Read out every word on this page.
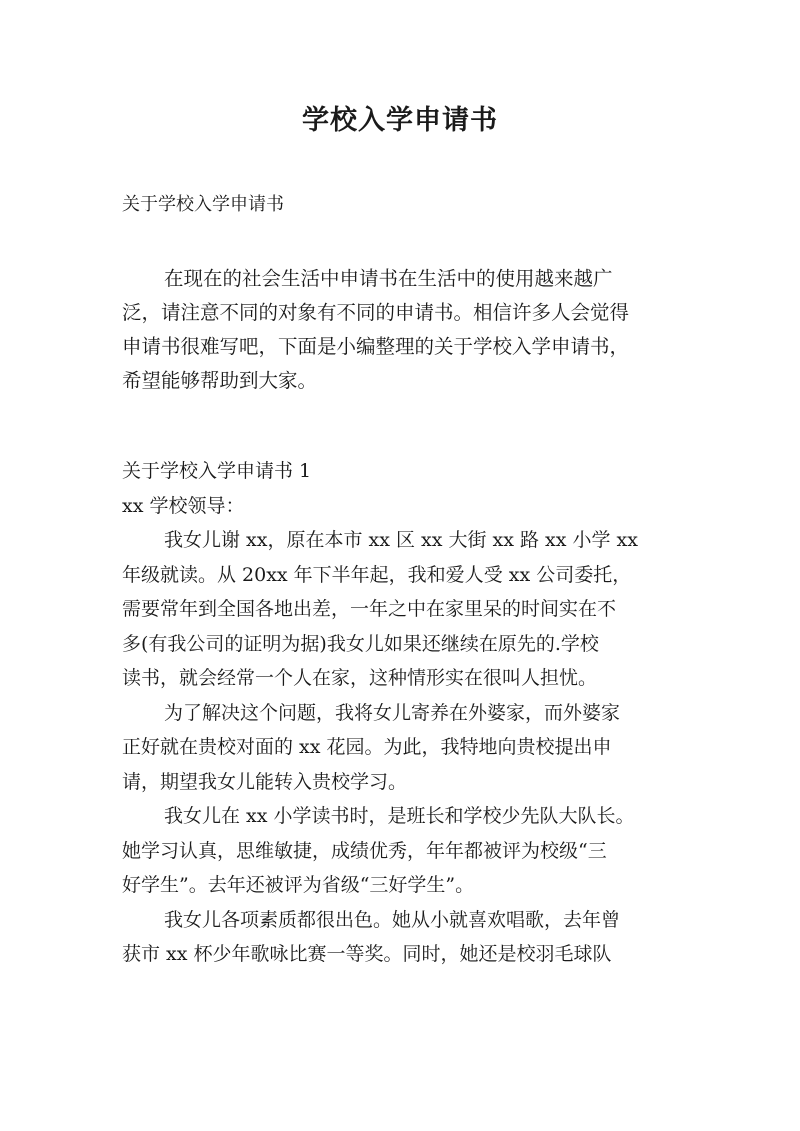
学校入学申请书

关于学校入学申请书

在现在的社会生活中申请书在生活中的使用越来越广
泛，请注意不同的对象有不同的申请书。相信许多人会觉得
申请书很难写吧，下面是小编整理的关于学校入学申请书，
希望能够帮助到大家。
关于学校入学申请书 1
xx 学校领导：
我女儿谢 xx，原在本市 xx 区 xx 大街 xx 路 xx 小学 xx
年级就读。从 20xx 年下半年起，我和爱人受 xx 公司委托，
需要常年到全国各地出差，一年之中在家里呆的时间实在不
多(有我公司的证明为据)我女儿如果还继续在原先的.学校
读书，就会经常一个人在家，这种情形实在很叫人担忧。
为了解决这个问题，我将女儿寄养在外婆家，而外婆家
正好就在贵校对面的 xx 花园。为此，我特地向贵校提出申
请，期望我女儿能转入贵校学习。
我女儿在 xx 小学读书时，是班长和学校少先队大队长。
她学习认真，思维敏捷，成绩优秀，年年都被评为校级“三
好学生”。去年还被评为省级“三好学生”。
我女儿各项素质都很出色。她从小就喜欢唱歌，去年曾
获市 xx 杯少年歌咏比赛一等奖。同时，她还是校羽毛球队
